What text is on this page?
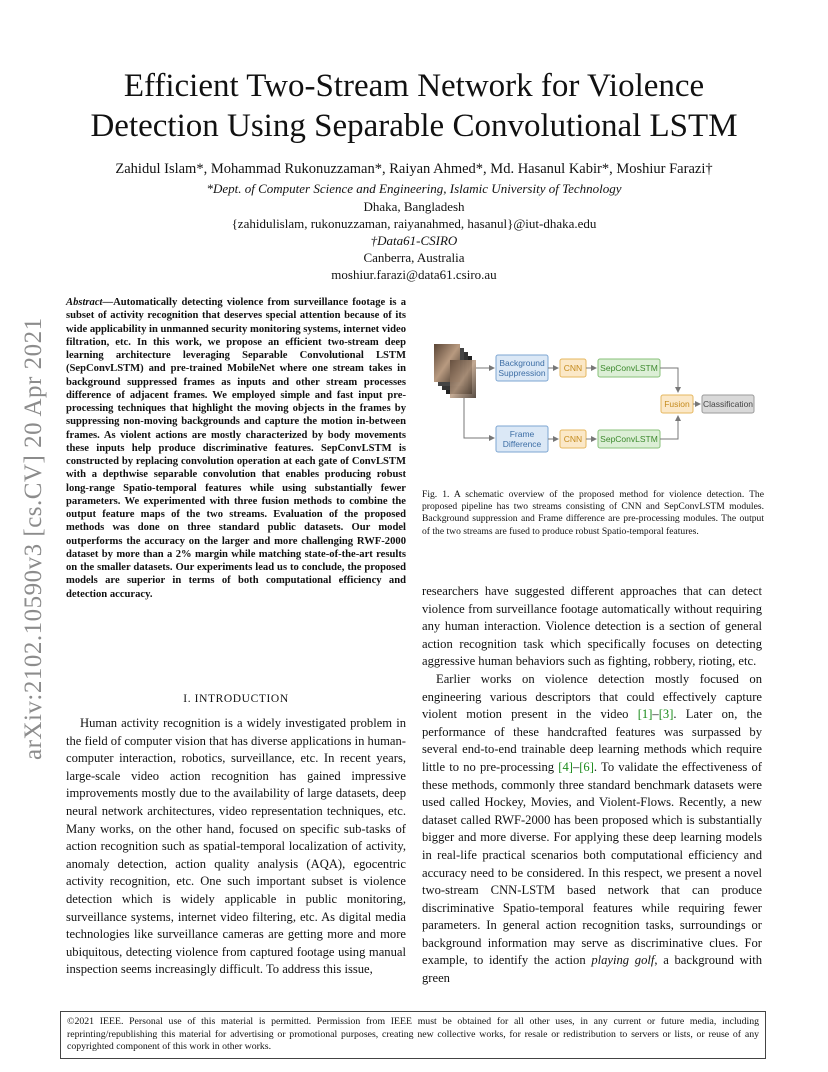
arXiv:2102.10590v3 [cs.CV] 20 Apr 2021
Efficient Two-Stream Network for Violence
Detection Using Separable Convolutional LSTM
Zahidul Islam*, Mohammad Rukonuzzaman*, Raiyan Ahmed*, Md. Hasanul Kabir*, Moshiur Farazi†
*Dept. of Computer Science and Engineering, Islamic University of Technology
Dhaka, Bangladesh
{zahidulislam, rukonuzzaman, raiyanahmed, hasanul}@iut-dhaka.edu
†Data61-CSIRO
Canberra, Australia
moshiur.farazi@data61.csiro.au
Abstract—Automatically detecting violence from surveillance footage is a subset of activity recognition that deserves special attention because of its wide applicability in unmanned security monitoring systems, internet video filtration, etc. In this work, we propose an efficient two-stream deep learning architecture leveraging Separable Convolutional LSTM (SepConvLSTM) and pre-trained MobileNet where one stream takes in background suppressed frames as inputs and other stream processes difference of adjacent frames. We employed simple and fast input pre-processing techniques that highlight the moving objects in the frames by suppressing non-moving backgrounds and capture the motion in-between frames. As violent actions are mostly characterized by body movements these inputs help produce discriminative features. SepConvLSTM is constructed by replacing convolution operation at each gate of ConvLSTM with a depthwise separable convolution that enables producing robust long-range Spatio-temporal features while using substantially fewer parameters. We experimented with three fusion methods to combine the output feature maps of the two streams. Evaluation of the proposed methods was done on three standard public datasets. Our model outperforms the accuracy on the larger and more challenging RWF-2000 dataset by more than a 2% margin while matching state-of-the-art results on the smaller datasets. Our experiments lead us to conclude, the proposed models are superior in terms of both computational efficiency and detection accuracy.
I. INTRODUCTION

Human activity recognition is a widely investigated problem in the field of computer vision that has diverse applications in human-computer interaction, robotics, surveillance, etc. In recent years, large-scale video action recognition has gained impressive improvements mostly due to the availability of large datasets, deep neural network architectures, video representation techniques, etc. Many works, on the other hand, focused on specific sub-tasks of action recognition such as spatial-temporal localization of activity, anomaly detection, action quality analysis (AQA), egocentric activity recognition, etc. One such important subset is violence detection which is widely applicable in public monitoring, surveillance systems, internet video filtering, etc. As digital media technologies like surveillance cameras are getting more and more ubiquitous, detecting violence from captured footage using manual inspection seems increasingly difficult. To address this issue,

Background
Suppression CNN SepConvLSTM
Fusion Classification
Frame
Difference	CNN SepConvLSTM
Fig. 1. A schematic overview of the proposed method for violence detection. The proposed pipeline has two streams consisting of CNN and SepConvLSTM modules. Background suppression and Frame difference are pre-processing modules. The output of the two streams are fused to produce robust Spatio-temporal features.

researchers have suggested different approaches that can detect violence from surveillance footage automatically without requiring any human interaction. Violence detection is a section of general action recognition task which specifically focuses on detecting aggressive human behaviors such as fighting, robbery, rioting, etc.

Earlier works on violence detection mostly focused on engineering various descriptors that could effectively capture violent motion present in the video [1]–[3]. Later on, the performance of these handcrafted features was surpassed by several end-to-end trainable deep learning methods which require little to no pre-processing [4]–[6]. To validate the effectiveness of these methods, commonly three standard benchmark datasets were used called Hockey, Movies, and Violent-Flows. Recently, a new dataset called RWF-2000 has been proposed which is substantially bigger and more diverse. For applying these deep learning models in real-life practical scenarios both computational efficiency and accuracy need to be considered. In this respect, we present a novel two-stream CNN-LSTM based network that can produce discriminative Spatio-temporal features while requiring fewer parameters. In general action recognition tasks, surroundings or background information may serve as discriminative clues. For example, to identify the action playing golf, a background with green

©2021 IEEE. Personal use of this material is permitted. Permission from IEEE must be obtained for all other uses, in any current or future media, including reprinting/republishing this material for advertising or promotional purposes, creating new collective works, for resale or redistribution to servers or lists, or reuse of any copyrighted component of this work in other works.
